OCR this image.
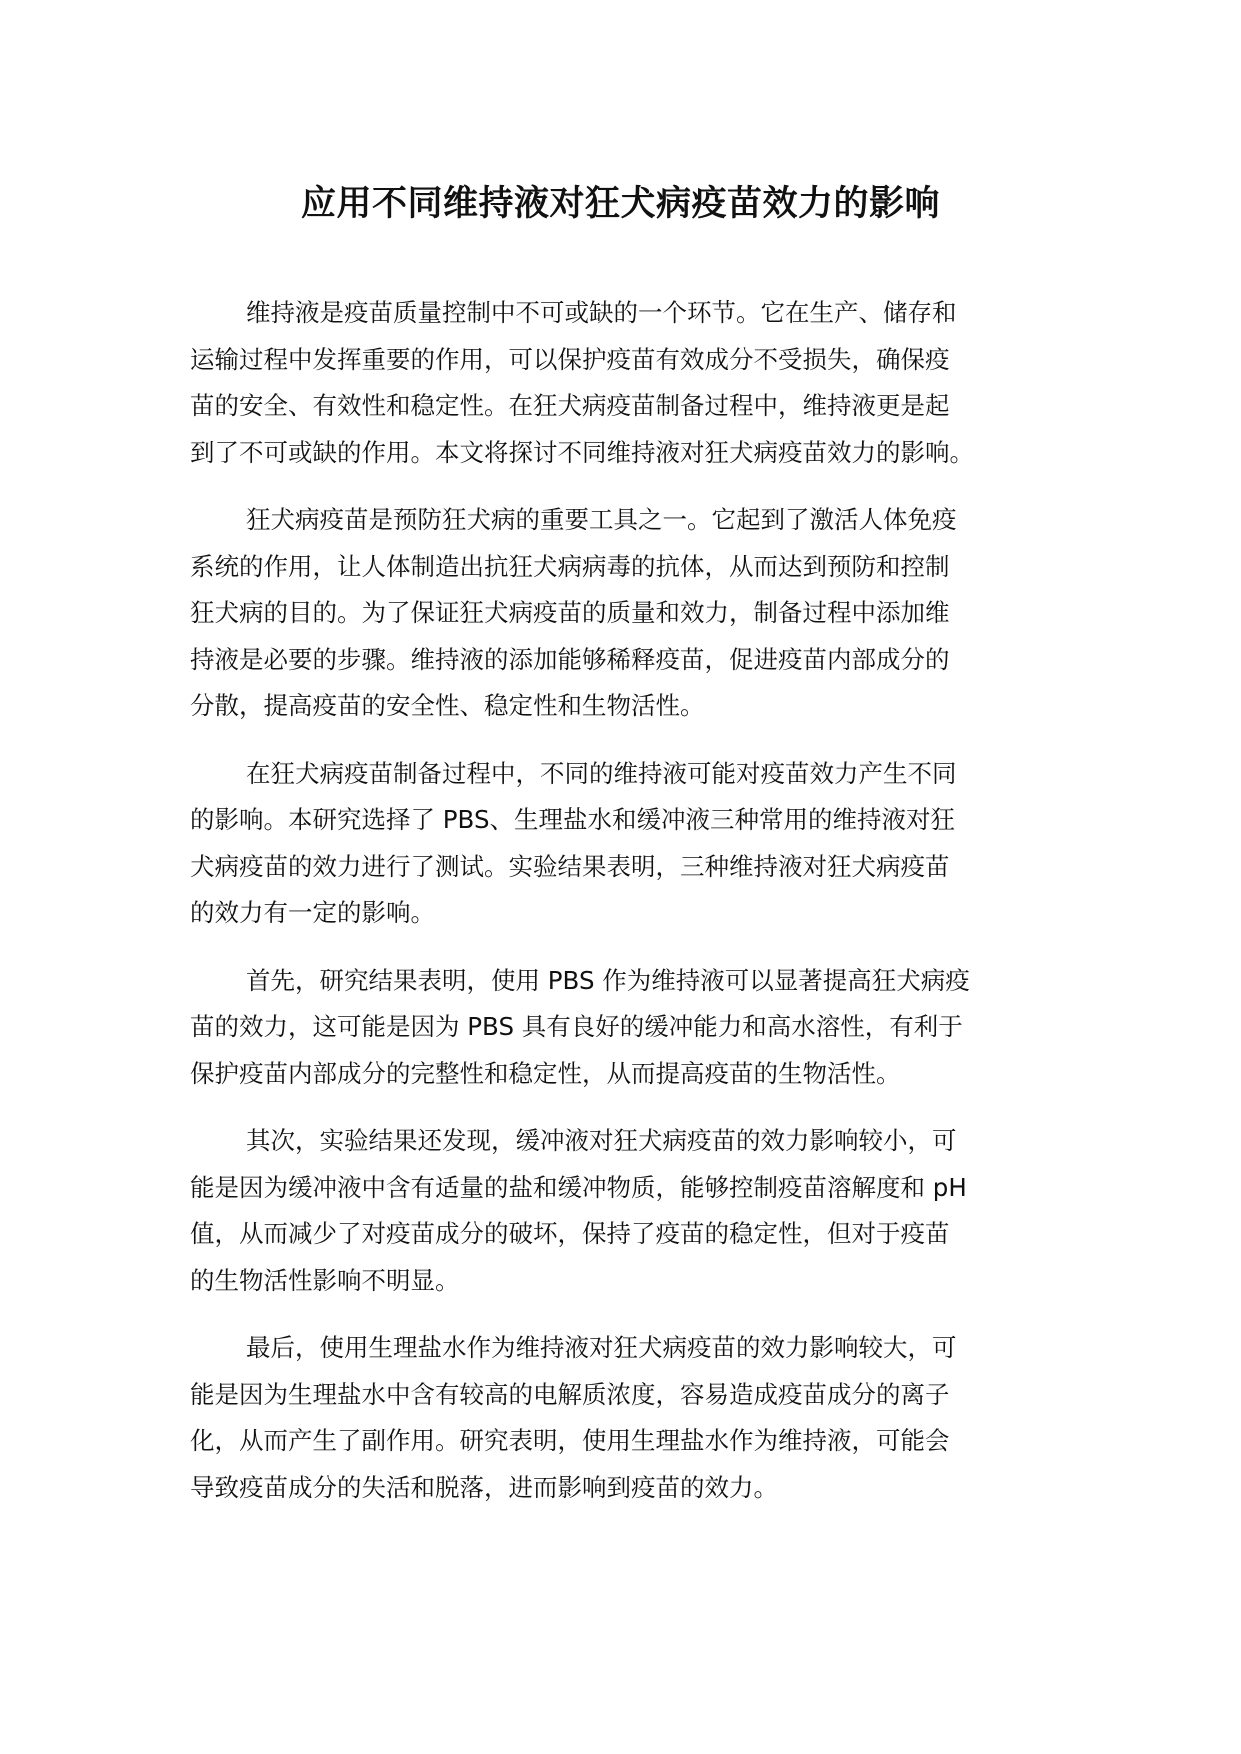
应用不同维持液对狂犬病疫苗效力的影响

维持液是疫苗质量控制中不可或缺的一个环节。它在生产、储存和
运输过程中发挥重要的作用，可以保护疫苗有效成分不受损失，确保疫
苗的安全、有效性和稳定性。在狂犬病疫苗制备过程中，维持液更是起
到了不可或缺的作用。本文将探讨不同维持液对狂犬病疫苗效力的影响。

狂犬病疫苗是预防狂犬病的重要工具之一。它起到了激活人体免疫
系统的作用，让人体制造出抗狂犬病病毒的抗体，从而达到预防和控制
狂犬病的目的。为了保证狂犬病疫苗的质量和效力，制备过程中添加维
持液是必要的步骤。维持液的添加能够稀释疫苗，促进疫苗内部成分的
分散，提高疫苗的安全性、稳定性和生物活性。

在狂犬病疫苗制备过程中，不同的维持液可能对疫苗效力产生不同
的影响。本研究选择了 PBS、生理盐水和缓冲液三种常用的维持液对狂
犬病疫苗的效力进行了测试。实验结果表明，三种维持液对狂犬病疫苗
的效力有一定的影响。

首先，研究结果表明，使用 PBS 作为维持液可以显著提高狂犬病疫
苗的效力，这可能是因为 PBS 具有良好的缓冲能力和高水溶性，有利于
保护疫苗内部成分的完整性和稳定性，从而提高疫苗的生物活性。

其次，实验结果还发现，缓冲液对狂犬病疫苗的效力影响较小，可
能是因为缓冲液中含有适量的盐和缓冲物质，能够控制疫苗溶解度和 pH
值，从而减少了对疫苗成分的破坏，保持了疫苗的稳定性，但对于疫苗
的生物活性影响不明显。

最后，使用生理盐水作为维持液对狂犬病疫苗的效力影响较大，可
能是因为生理盐水中含有较高的电解质浓度，容易造成疫苗成分的离子
化，从而产生了副作用。研究表明，使用生理盐水作为维持液，可能会
导致疫苗成分的失活和脱落，进而影响到疫苗的效力。
